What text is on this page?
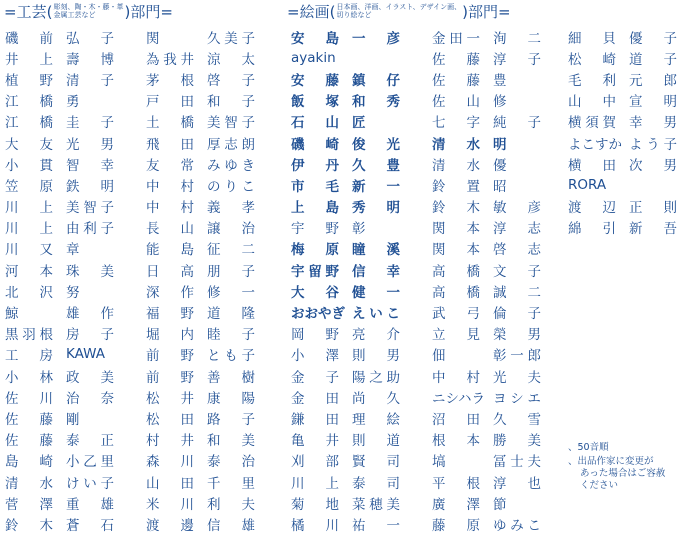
= 工芸 ( 彫刻、陶・木・藤・革
金属工芸など	) 部門 =	= 絵画 ( 日本画、洋画、イラスト、デザイン画、
切り絵など	) 部門 =
磯前 弘子
井上 壽博
植野 清子
江橋 勇
江橋 圭子
大友 光男
小貫 智幸
笠原 鉄明
川上 美智子
川上 由利子
川又 章
河本 珠美
北沢 努
鯨	雄作
黒羽根 房子
工房 KAWA
小林 政美
佐川 治奈
佐藤 剛
佐藤 泰正
島崎 小乙里
清水 けい子
菅澤 重雄
鈴木 蒼石
関	久美子
為我井 涼太
茅根 啓子
戸田 和子
土橋 美智子
飛田 厚志朗
友常 みゆき
中村 のりこ
中村 義孝
長山 譲治
能島 征二
日高 朋子
深作 修一
福野 道隆
堀内 睦子
前野 とも子
前野 善樹
松井 康陽
松田 路子
村井 和美
森川 泰治
山田 千里
米川 利夫
渡邊 信雄
安島 一彦
ayakin
安藤 鎮仔
飯塚 和秀
石山 匠
磯崎 俊光
伊丹 久豊
市毛 新一
上島 秀明
宇野 彰
梅原 瞳溪
宇留野 信幸
大谷 健一
おおやぎ えいこ
岡野 亮介
小澤 則男
金子 陽之助
金田 尚久
鎌田 理絵
亀井 則道
刈部 賢司
川上 泰司
菊地 菜穂美
橘川 祐一
金田一 洵二
佐藤 淳子
佐藤 豊
佐山 修
七字 純子
清水 明
清水 優
鈴置 昭
鈴木 敏彦
関本 淳志
関本 啓志
高橋 文子
高橋 誠二
武弓 倫子
立見 榮男
佃	彰一郎
中村 光夫
ニシハラ ヨシエ
沼田 久雪
根本 勝美
塙	冨士夫
平根 淳也
廣澤 節
藤原 ゆみこ
細貝 優子
松崎 道子
毛利 元郎
山中 宣明
横須賀 幸男
よこすか よう子
横田 次男
RORA
渡辺 正則
綿引 新吾

、50音順

、出品作家に変更が
あった場合はご容赦
ください
